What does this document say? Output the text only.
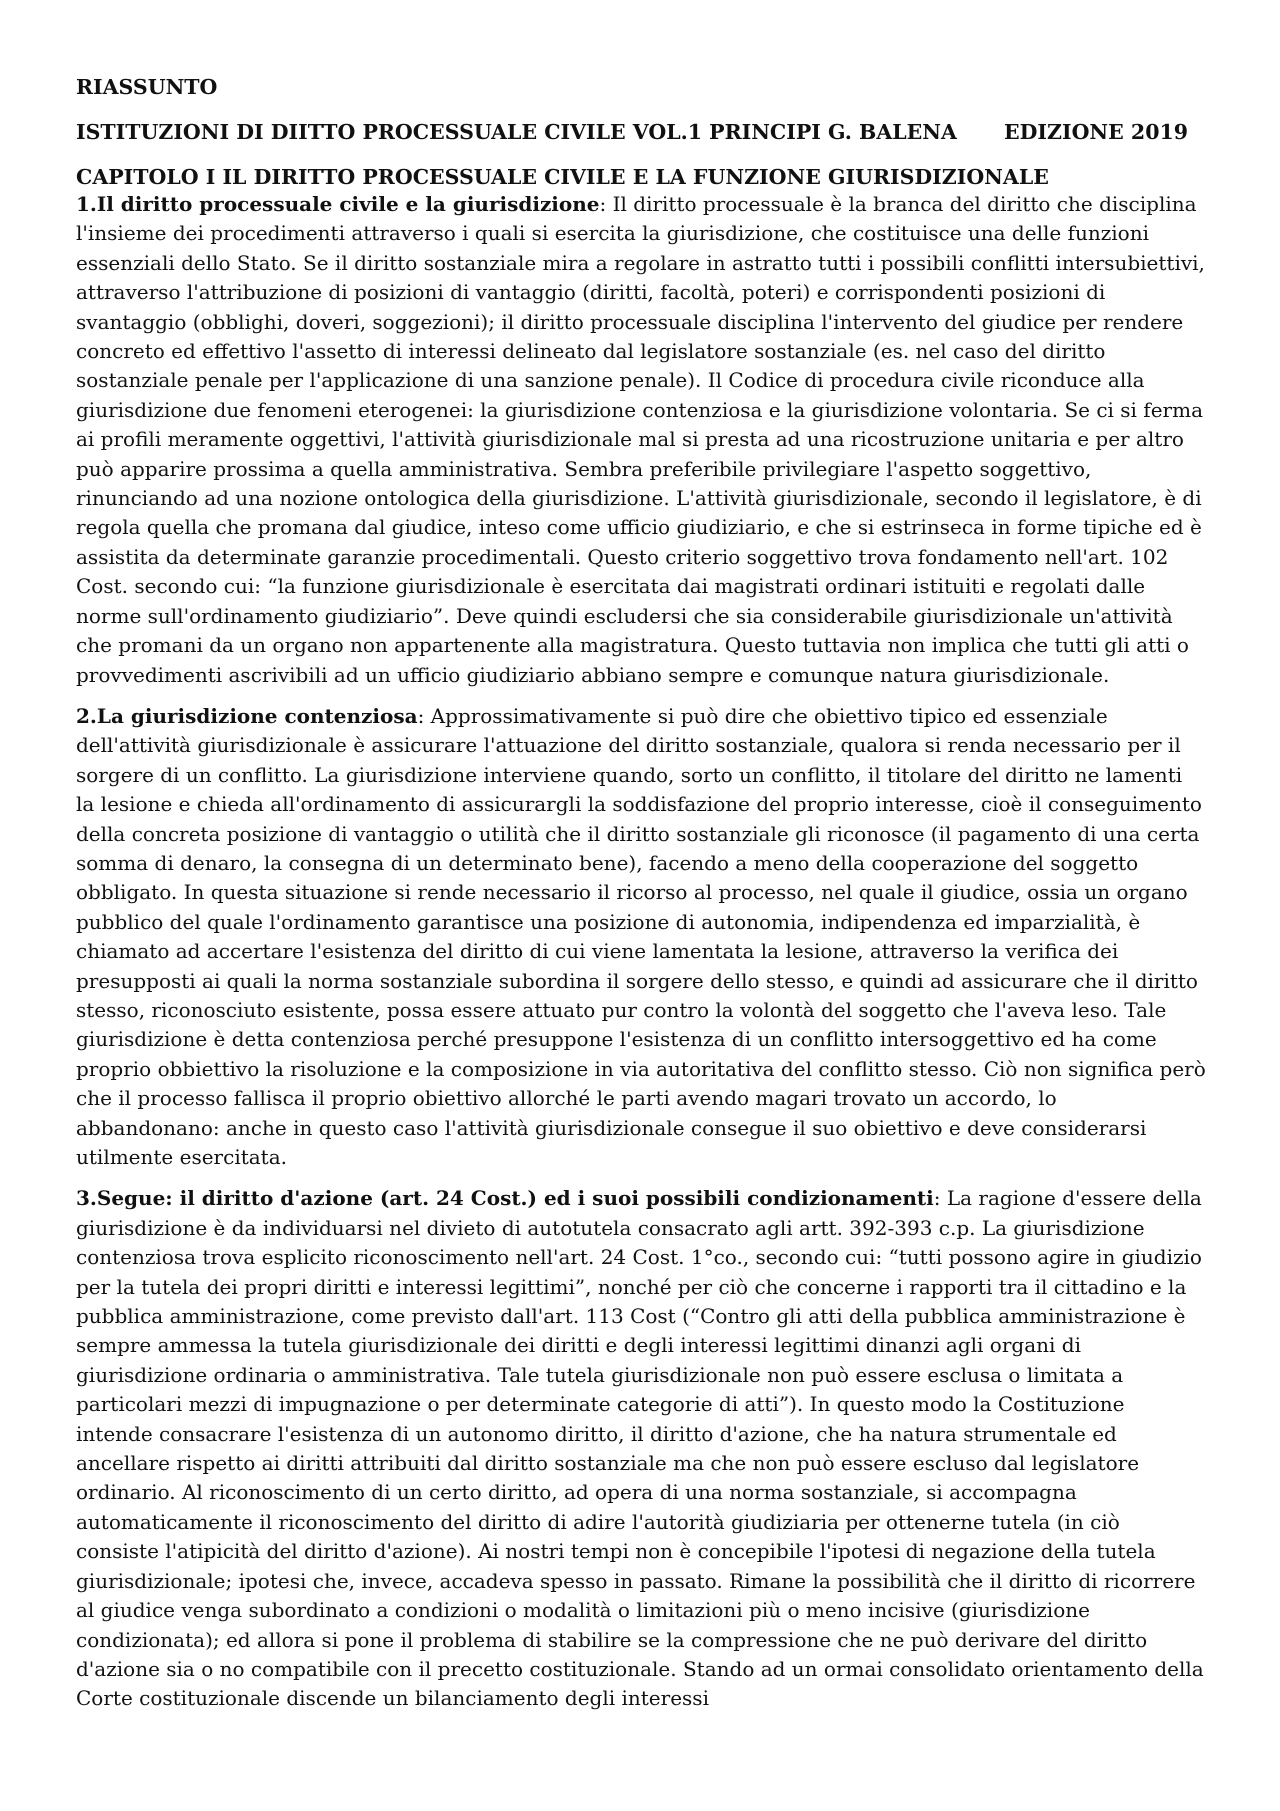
RIASSUNTO
ISTITUZIONI DI DIITTO PROCESSUALE CIVILE VOL.1 PRINCIPI G. BALENA EDIZIONE 2019
CAPITOLO I IL DIRITTO PROCESSUALE CIVILE E LA FUNZIONE GIURISDIZIONALE

1.Il diritto processuale civile e la giurisdizione: Il diritto processuale è la branca del diritto che disciplina l'insieme dei procedimenti attraverso i quali si esercita la giurisdizione, che costituisce una delle funzioni essenziali dello Stato. Se il diritto sostanziale mira a regolare in astratto tutti i possibili conflitti intersubiettivi, attraverso l'attribuzione di posizioni di vantaggio (diritti, facoltà, poteri) e corrispondenti posizioni di svantaggio (obblighi, doveri, soggezioni); il diritto processuale disciplina l'intervento del giudice per rendere concreto ed effettivo l'assetto di interessi delineato dal legislatore sostanziale (es. nel caso del diritto sostanziale penale per l'applicazione di una sanzione penale). Il Codice di procedura civile riconduce alla giurisdizione due fenomeni eterogenei: la giurisdizione contenziosa e la giurisdizione volontaria. Se ci si ferma ai profili meramente oggettivi, l'attività giurisdizionale mal si presta ad una ricostruzione unitaria e per altro può apparire prossima a quella amministrativa. Sembra preferibile privilegiare l'aspetto soggettivo, rinunciando ad una nozione ontologica della giurisdizione. L'attività giurisdizionale, secondo il legislatore, è di regola quella che promana dal giudice, inteso come ufficio giudiziario, e che si estrinseca in forme tipiche ed è assistita da determinate garanzie procedimentali. Questo criterio soggettivo trova fondamento nell'art. 102 Cost. secondo cui: “la funzione giurisdizionale è esercitata dai magistrati ordinari istituiti e regolati dalle norme sull'ordinamento giudiziario”. Deve quindi escludersi che sia considerabile giurisdizionale un'attività che promani da un organo non appartenente alla magistratura. Questo tuttavia non implica che tutti gli atti o provvedimenti ascrivibili ad un ufficio giudiziario abbiano sempre e comunque natura giurisdizionale.

2.La giurisdizione contenziosa: Approssimativamente si può dire che obiettivo tipico ed essenziale dell'attività giurisdizionale è assicurare l'attuazione del diritto sostanziale, qualora si renda necessario per il sorgere di un conflitto. La giurisdizione interviene quando, sorto un conflitto, il titolare del diritto ne lamenti la lesione e chieda all'ordinamento di assicurargli la soddisfazione del proprio interesse, cioè il conseguimento della concreta posizione di vantaggio o utilità che il diritto sostanziale gli riconosce (il pagamento di una certa somma di denaro, la consegna di un determinato bene), facendo a meno della cooperazione del soggetto obbligato. In questa situazione si rende necessario il ricorso al processo, nel quale il giudice, ossia un organo pubblico del quale l'ordinamento garantisce una posizione di autonomia, indipendenza ed imparzialità, è chiamato ad accertare l'esistenza del diritto di cui viene lamentata la lesione, attraverso la verifica dei presupposti ai quali la norma sostanziale subordina il sorgere dello stesso, e quindi ad assicurare che il diritto stesso, riconosciuto esistente, possa essere attuato pur contro la volontà del soggetto che l'aveva leso. Tale giurisdizione è detta contenziosa perché presuppone l'esistenza di un conflitto intersoggettivo ed ha come proprio obbiettivo la risoluzione e la composizione in via autoritativa del conflitto stesso. Ciò non significa però che il processo fallisca il proprio obiettivo allorché le parti avendo magari trovato un accordo, lo abbandonano: anche in questo caso l'attività giurisdizionale consegue il suo obiettivo e deve considerarsi utilmente esercitata.

3.Segue: il diritto d'azione (art. 24 Cost.) ed i suoi possibili condizionamenti: La ragione d'essere della giurisdizione è da individuarsi nel divieto di autotutela consacrato agli artt. 392-393 c.p. La giurisdizione contenziosa trova esplicito riconoscimento nell'art. 24 Cost. 1°co., secondo cui: “tutti possono agire in giudizio per la tutela dei propri diritti e interessi legittimi”, nonché per ciò che concerne i rapporti tra il cittadino e la pubblica amministrazione, come previsto dall'art. 113 Cost (“Contro gli atti della pubblica amministrazione è sempre ammessa la tutela giurisdizionale dei diritti e degli interessi legittimi dinanzi agli organi di giurisdizione ordinaria o amministrativa. Tale tutela giurisdizionale non può essere esclusa o limitata a particolari mezzi di impugnazione o per determinate categorie di atti”). In questo modo la Costituzione intende consacrare l'esistenza di un autonomo diritto, il diritto d'azione, che ha natura strumentale ed ancellare rispetto ai diritti attribuiti dal diritto sostanziale ma che non può essere escluso dal legislatore ordinario. Al riconoscimento di un certo diritto, ad opera di una norma sostanziale, si accompagna automaticamente il riconoscimento del diritto di adire l'autorità giudiziaria per ottenerne tutela (in ciò consiste l'atipicità del diritto d'azione). Ai nostri tempi non è concepibile l'ipotesi di negazione della tutela giurisdizionale; ipotesi che, invece, accadeva spesso in passato. Rimane la possibilità che il diritto di ricorrere al giudice venga subordinato a condizioni o modalità o limitazioni più o meno incisive (giurisdizione condizionata); ed allora si pone il problema di stabilire se la compressione che ne può derivare del diritto d'azione sia o no compatibile con il precetto costituzionale. Stando ad un ormai consolidato orientamento della Corte costituzionale discende un bilanciamento degli interessi
